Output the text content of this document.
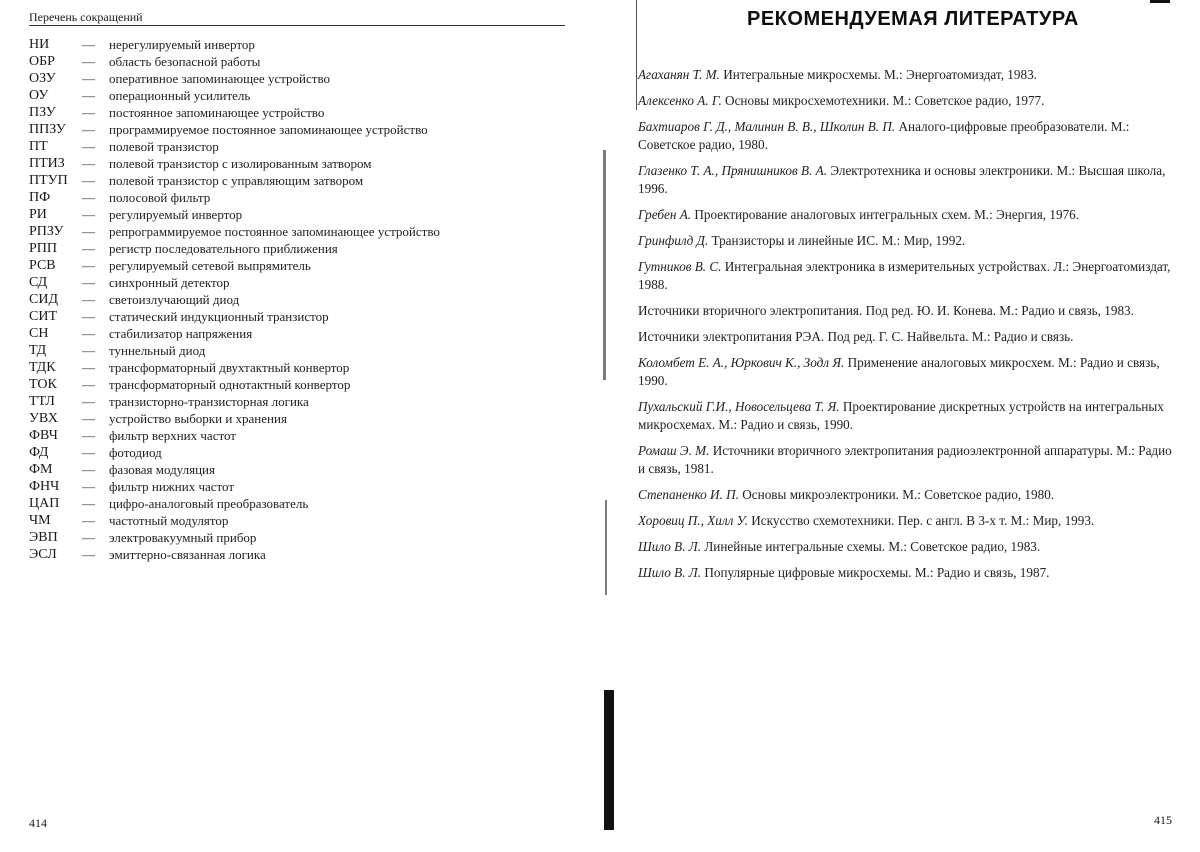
Перечень сокращений
НИ	—	нерегулируемый инвертор
ОБР	—	область безопасной работы
ОЗУ	—	оперативное запоминающее устройство
ОУ	—	операционный усилитель
ПЗУ	—	постоянное запоминающее устройство
ППЗУ	—	программируемое постоянное запоминающее устройство
ПТ	—	полевой транзистор
ПТИЗ	—	полевой транзистор с изолированным затвором
ПТУП	—	полевой транзистор с управляющим затвором
ПФ	—	полосовой фильтр
РИ	—	регулируемый инвертор
РПЗУ	—	репрограммируемое постоянное запоминающее устройство
РПП	—	регистр последовательного приближения
РСВ	—	регулируемый сетевой выпрямитель
СД	—	синхронный детектор
СИД	—	светоизлучающий диод
СИТ	—	статический индукционный транзистор
СН	—	стабилизатор напряжения
ТД	—	туннельный диод
ТДК	—	трансформаторный двухтактный конвертор
ТОК	—	трансформаторный однотактный конвертор
ТТЛ	—	транзисторно-транзисторная логика
УВХ	—	устройство выборки и хранения
ФВЧ	—	фильтр верхних частот
ФД	—	фотодиод
ФМ	—	фазовая модуляция
ФНЧ	—	фильтр нижних частот
ЦАП	—	цифро-аналоговый преобразователь
ЧМ	—	частотный модулятор
ЭВП	—	электровакуумный прибор
ЭСЛ	—	эмиттерно-связанная логика
414
РЕКОМЕНДУЕМАЯ ЛИТЕРАТУРА
Агаханян Т. М. Интегральные микросхемы. М.: Энергоатомиздат, 1983.
Алексенко А. Г. Основы микросхемотехники. М.: Советское радио, 1977.
Бахтиаров Г. Д., Малинин В. В., Школин В. П. Аналого-цифровые преобразователи. М.: Советское радио, 1980.
Глазенко Т. А., Прянишников В. А. Электротехника и основы электроники. М.: Высшая школа, 1996.
Гребен А. Проектирование аналоговых интегральных схем. М.: Энергия, 1976.
Гринфилд Д. Транзисторы и линейные ИС. М.: Мир, 1992.
Гутников В. С. Интегральная электроника в измерительных устройствах. Л.: Энергоатомиздат, 1988.
Источники вторичного электропитания. Под ред. Ю. И. Конева. М.: Радио и связь, 1983.
Источники электропитания РЭА. Под ред. Г. С. Найвельта. М.: Радио и связь.
Коломбет Е. А., Юркович К., Зодл Я. Применение аналоговых микросхем. М.: Радио и связь, 1990.
Пухальский Г.И., Новосельцева Т. Я. Проектирование дискретных устройств на интегральных микросхемах. М.: Радио и связь, 1990.
Ромаш Э. М. Источники вторичного электропитания радиоэлектронной аппаратуры. М.: Радио и связь, 1981.
Степаненко И. П. Основы микроэлектроники. М.: Советское радио, 1980.
Хоровиц П., Хилл У. Искусство схемотехники. Пер. с англ. В 3-х т. М.: Мир, 1993.
Шило В. Л. Линейные интегральные схемы. М.: Советское радио, 1983.
Шило В. Л. Популярные цифровые микросхемы. М.: Радио и связь, 1987.
415
